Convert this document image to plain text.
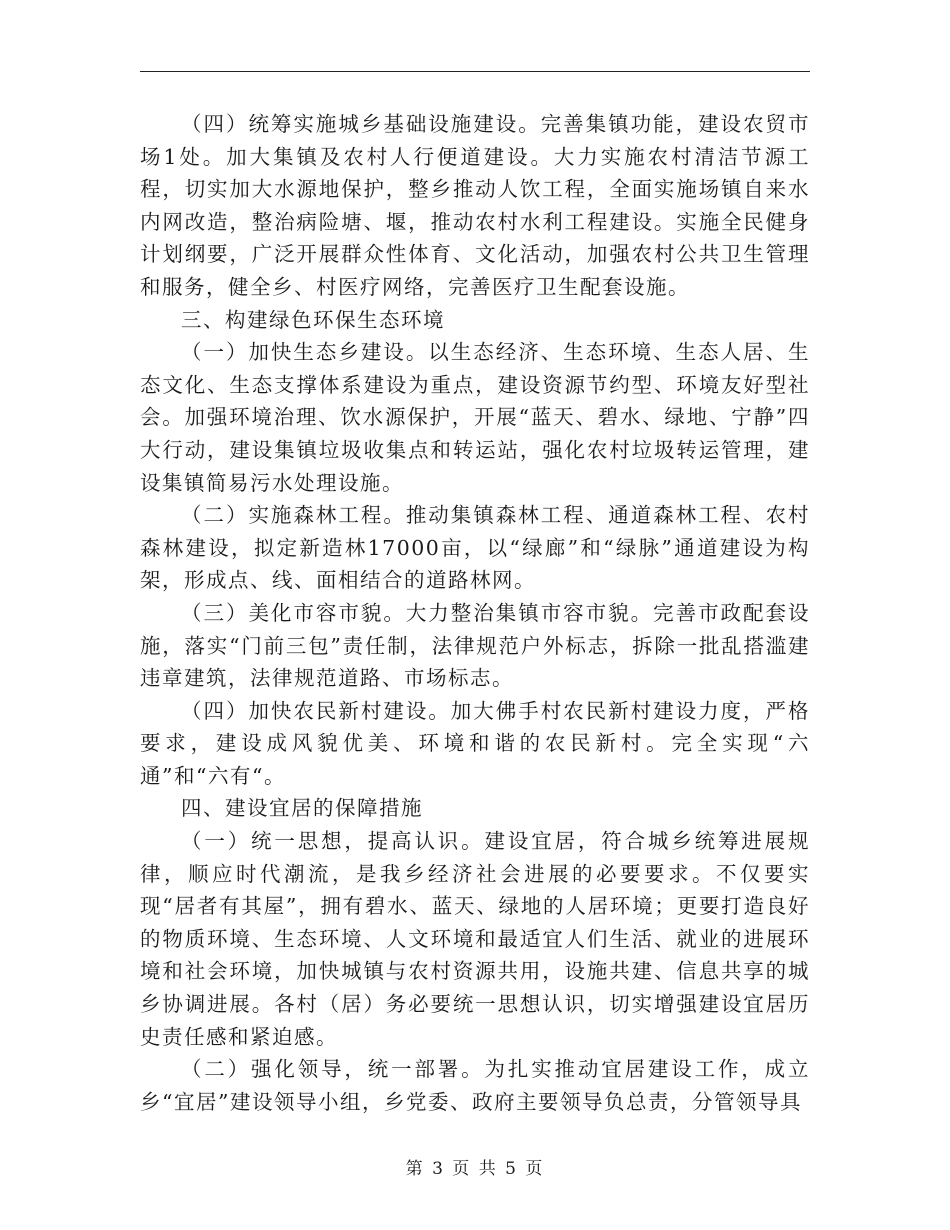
（四）统筹实施城乡基础设施建设。完善集镇功能，建设农贸市场1处。加大集镇及农村人行便道建设。大力实施农村清洁节源工程，切实加大水源地保护，整乡推动人饮工程，全面实施场镇自来水内网改造，整治病险塘、堰，推动农村水利工程建设。实施全民健身计划纲要，广泛开展群众性体育、文化活动，加强农村公共卫生管理和服务，健全乡、村医疗网络，完善医疗卫生配套设施。

三、构建绿色环保生态环境

（一）加快生态乡建设。以生态经济、生态环境、生态人居、生态文化、生态支撑体系建设为重点，建设资源节约型、环境友好型社会。加强环境治理、饮水源保护，开展“蓝天、碧水、绿地、宁静”四大行动，建设集镇垃圾收集点和转运站，强化农村垃圾转运管理，建设集镇简易污水处理设施。

（二）实施森林工程。推动集镇森林工程、通道森林工程、农村森林建设，拟定新造林17000亩，以“绿廊”和“绿脉”通道建设为构架，形成点、线、面相结合的道路林网。

（三）美化市容市貌。大力整治集镇市容市貌。完善市政配套设施，落实“门前三包”责任制，法律规范户外标志，拆除一批乱搭滥建违章建筑，法律规范道路、市场标志。

（四）加快农民新村建设。加大佛手村农民新村建设力度，严格要求，建设成风貌优美、环境和谐的农民新村。完全实现“六通”和“六有“。

四、建设宜居的保障措施

（一）统一思想，提高认识。建设宜居，符合城乡统筹进展规律，顺应时代潮流，是我乡经济社会进展的必要要求。不仅要实现“居者有其屋”，拥有碧水、蓝天、绿地的人居环境；更要打造良好的物质环境、生态环境、人文环境和最适宜人们生活、就业的进展环境和社会环境，加快城镇与农村资源共用，设施共建、信息共享的城乡协调进展。各村（居）务必要统一思想认识，切实增强建设宜居历史责任感和紧迫感。

（二）强化领导，统一部署。为扎实推动宜居建设工作，成立乡“宜居”建设领导小组，乡党委、政府主要领导负总责，分管领导具

第 3 页 共 5 页
